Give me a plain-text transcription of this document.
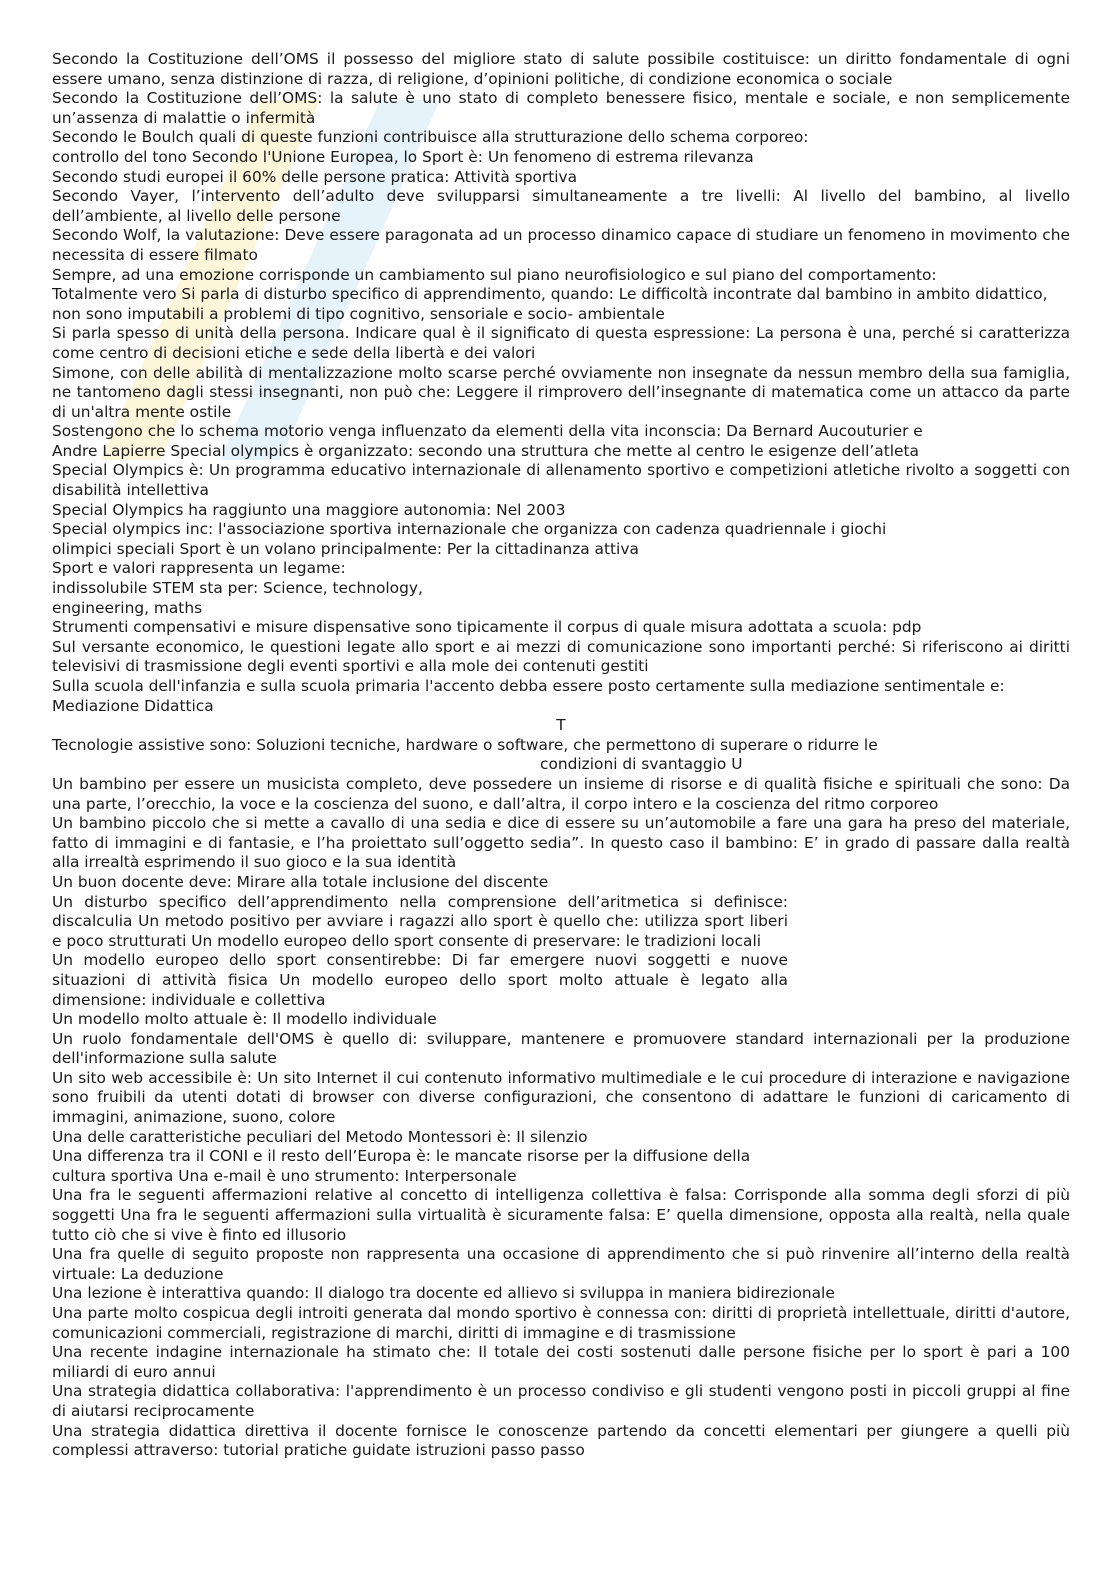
Secondo la Costituzione dell’OMS il possesso del migliore stato di salute possibile costituisce: un diritto fondamentale di ogni essere umano, senza distinzione di razza, di religione, d’opinioni politiche, di condizione economica o sociale

Secondo la Costituzione dell’OMS: la salute è uno stato di completo benessere fisico, mentale e sociale, e non semplicemente un’assenza di malattie o infermità

Secondo le Boulch quali di queste funzioni contribuisce alla strutturazione dello schema corporeo:

controllo del tono Secondo l'Unione Europea, lo Sport è: Un fenomeno di estrema rilevanza

Secondo studi europei il 60% delle persone pratica: Attività sportiva

Secondo Vayer, l’intervento dell’adulto deve svilupparsi simultaneamente a tre livelli: Al livello del bambino, al livello dell’ambiente, al livello delle persone

Secondo Wolf, la valutazione: Deve essere paragonata ad un processo dinamico capace di studiare un fenomeno in movimento che necessita di essere filmato

Sempre, ad una emozione corrisponde un cambiamento sul piano neurofisiologico e sul piano del comportamento:

Totalmente vero Si parla di disturbo specifico di apprendimento, quando: Le difficoltà incontrate dal bambino in ambito didattico, non sono imputabili a problemi di tipo cognitivo, sensoriale e socio- ambientale

Si parla spesso di unità della persona. Indicare qual è il significato di questa espressione: La persona è una, perché si caratterizza come centro di decisioni etiche e sede della libertà e dei valori

Simone, con delle abilità di mentalizzazione molto scarse perché ovviamente non insegnate da nessun membro della sua famiglia, ne tantomeno dagli stessi insegnanti, non può che: Leggere il rimprovero dell’insegnante di matematica come un attacco da parte di un'altra mente ostile

Sostengono che lo schema motorio venga influenzato da elementi della vita inconscia: Da Bernard Aucouturier e

Andre Lapierre Special olympics è organizzato: secondo una struttura che mette al centro le esigenze dell’atleta

Special Olympics è: Un programma educativo internazionale di allenamento sportivo e competizioni atletiche rivolto a soggetti con disabilità intellettiva

Special Olympics ha raggiunto una maggiore autonomia: Nel 2003

Special olympics inc: l'associazione sportiva internazionale che organizza con cadenza quadriennale i giochi

olimpici speciali Sport è un volano principalmente: Per la cittadinanza attiva

Sport e valori rappresenta un legame:

indissolubile STEM sta per: Science, technology,

engineering, maths

Strumenti compensativi e misure dispensative sono tipicamente il corpus di quale misura adottata a scuola: pdp

Sul versante economico, le questioni legate allo sport e ai mezzi di comunicazione sono importanti perché: Si riferiscono ai diritti televisivi di trasmissione degli eventi sportivi e alla mole dei contenuti gestiti

Sulla scuola dell'infanzia e sulla scuola primaria l'accento debba essere posto certamente sulla mediazione sentimentale e: Mediazione Didattica

T

Tecnologie assistive sono: Soluzioni tecniche, hardware o software, che permettono di superare o ridurre le

condizioni di svantaggio U

Un bambino per essere un musicista completo, deve possedere un insieme di risorse e di qualità fisiche e spirituali che sono: Da una parte, l’orecchio, la voce e la coscienza del suono, e dall’altra, il corpo intero e la coscienza del ritmo corporeo

Un bambino piccolo che si mette a cavallo di una sedia e dice di essere su un’automobile a fare una gara ha preso del materiale, fatto di immagini e di fantasie, e l’ha proiettato sull’oggetto sedia”. In questo caso il bambino: E’ in grado di passare dalla realtà alla irrealtà esprimendo il suo gioco e la sua identità

Un buon docente deve: Mirare alla totale inclusione del discente

Un disturbo specifico dell’apprendimento nella comprensione dell’aritmetica si definisce: discalculia Un metodo positivo per avviare i ragazzi allo sport è quello che: utilizza sport liberi e poco strutturati Un modello europeo dello sport consente di preservare: le tradizioni locali

Un modello europeo dello sport consentirebbe: Di far emergere nuovi soggetti e nuove situazioni di attività fisica Un modello europeo dello sport molto attuale è legato alla dimensione: individuale e collettiva

Un modello molto attuale è: Il modello individuale

Un ruolo fondamentale dell'OMS è quello di: sviluppare, mantenere e promuovere standard internazionali per la produzione dell'informazione sulla salute

Un sito web accessibile è: Un sito Internet il cui contenuto informativo multimediale e le cui procedure di interazione e navigazione sono fruibili da utenti dotati di browser con diverse configurazioni, che consentono di adattare le funzioni di caricamento di immagini, animazione, suono, colore

Una delle caratteristiche peculiari del Metodo Montessori è: Il silenzio

Una differenza tra il CONI e il resto dell’Europa è: le mancate risorse per la diffusione della

cultura sportiva Una e-mail è uno strumento: Interpersonale

Una fra le seguenti affermazioni relative al concetto di intelligenza collettiva è falsa: Corrisponde alla somma degli sforzi di più soggetti Una fra le seguenti affermazioni sulla virtualità è sicuramente falsa: E’ quella dimensione, opposta alla realtà, nella quale tutto ciò che si vive è finto ed illusorio

Una fra quelle di seguito proposte non rappresenta una occasione di apprendimento che si può rinvenire all’interno della realtà virtuale: La deduzione

Una lezione è interattiva quando: Il dialogo tra docente ed allievo si sviluppa in maniera bidirezionale

Una parte molto cospicua degli introiti generata dal mondo sportivo è connessa con: diritti di proprietà intellettuale, diritti d'autore, comunicazioni commerciali, registrazione di marchi, diritti di immagine e di trasmissione

Una recente indagine internazionale ha stimato che: Il totale dei costi sostenuti dalle persone fisiche per lo sport è pari a 100 miliardi di euro annui

Una strategia didattica collaborativa: l'apprendimento è un processo condiviso e gli studenti vengono posti in piccoli gruppi al fine di aiutarsi reciprocamente

Una strategia didattica direttiva il docente fornisce le conoscenze partendo da concetti elementari per giungere a quelli più complessi attraverso: tutorial pratiche guidate istruzioni passo passo
